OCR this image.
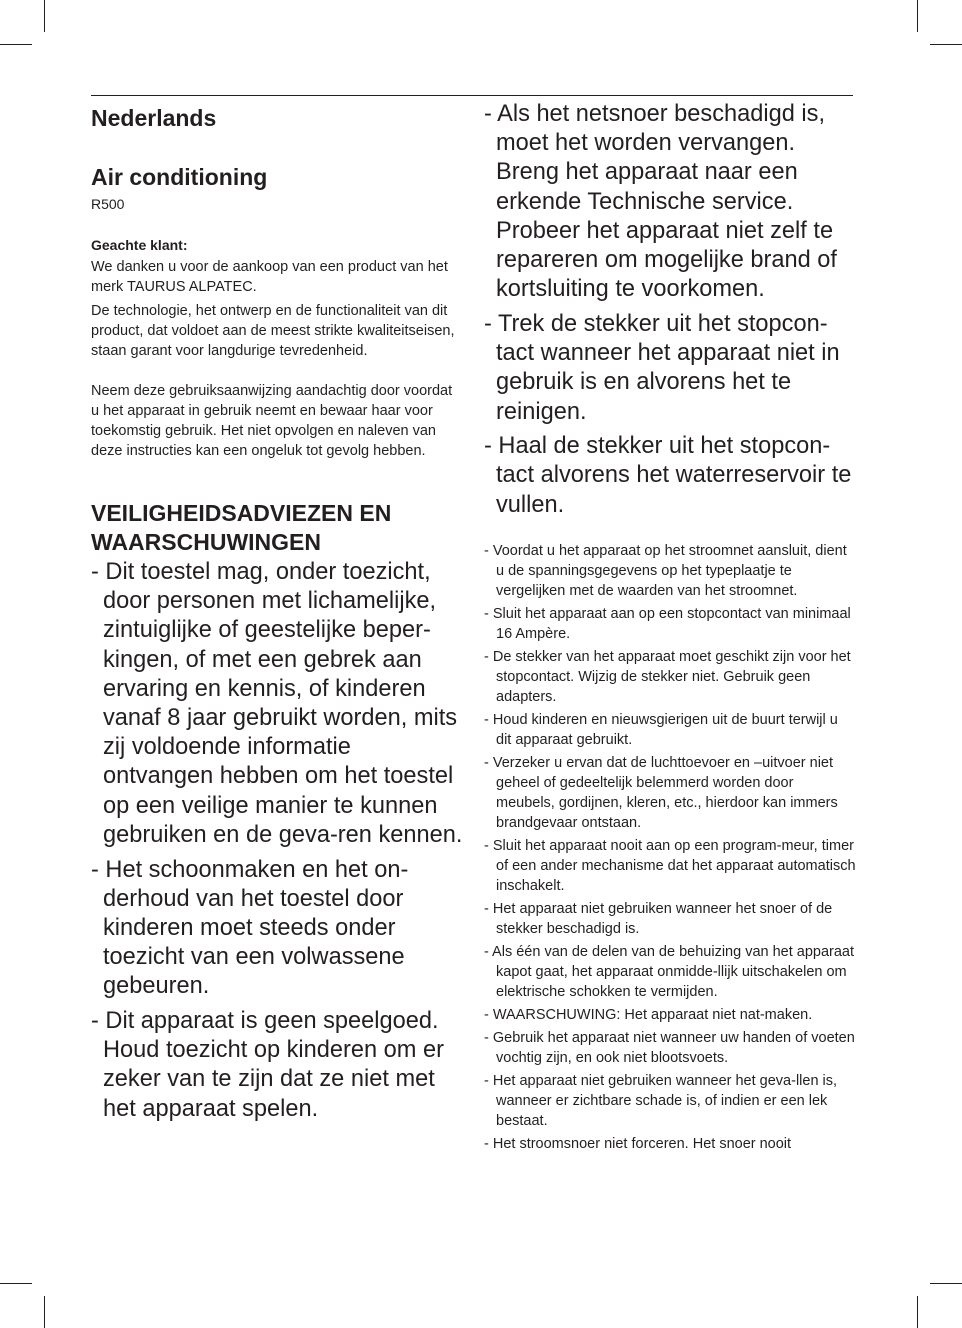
Nederlands
Air conditioning
R500
Geachte klant:

We danken u voor de aankoop van een product van het merk TAURUS ALPATEC.

De technologie, het ontwerp en de functionaliteit van dit product, dat voldoet aan de meest strikte kwaliteitseisen, staan garant voor langdurige tevredenheid.

Neem deze gebruiksaanwijzing aandachtig door voordat u het apparaat in gebruik neemt en bewaar haar voor toekomstig gebruik. Het niet opvolgen en naleven van deze instructies kan een ongeluk tot gevolg hebben.

VEILIGHEIDSADVIEZEN EN WAARSCHUWINGEN
- Dit toestel mag, onder toezicht, door personen met lichamelijke, zintuiglijke of geestelijke beper-kingen, of met een gebrek aan ervaring en kennis, of kinderen vanaf 8 jaar gebruikt worden, mits zij voldoende informatie ontvangen hebben om het toestel op een veilige manier te kunnen gebruiken en de geva-ren kennen.
- Het schoonmaken en het on-derhoud van het toestel door kinderen moet steeds onder toezicht van een volwassene gebeuren.
- Dit apparaat is geen speelgoed. Houd toezicht op kinderen om er zeker van te zijn dat ze niet met het apparaat spelen.
- Als het netsnoer beschadigd is, moet het worden vervangen. Breng het apparaat naar een erkende Technische service. Probeer het apparaat niet zelf te repareren om mogelijke brand of kortsluiting te voorkomen.
- Trek de stekker uit het stopcon-tact wanneer het apparaat niet in gebruik is en alvorens het te reinigen.
- Haal de stekker uit het stopcon-tact alvorens het waterreservoir te vullen.
- Voordat u het apparaat op het stroomnet aansluit, dient u de spanningsgegevens op het typeplaatje te vergelijken met de waarden van het stroomnet.
- Sluit het apparaat aan op een stopcontact van minimaal 16 Ampère.
- De stekker van het apparaat moet geschikt zijn voor het stopcontact. Wijzig de stekker niet. Gebruik geen adapters.
- Houd kinderen en nieuwsgierigen uit de buurt terwijl u dit apparaat gebruikt.
- Verzeker u ervan dat de luchttoevoer en –uitvoer niet geheel of gedeeltelijk belemmerd worden door meubels, gordijnen, kleren, etc., hierdoor kan immers brandgevaar ontstaan.
- Sluit het apparaat nooit aan op een program-meur, timer of een ander mechanisme dat het apparaat automatisch inschakelt.
- Het apparaat niet gebruiken wanneer het snoer of de stekker beschadigd is.
- Als één van de delen van de behuizing van het apparaat kapot gaat, het apparaat onmidde-llijk uitschakelen om elektrische schokken te vermijden.
- WAARSCHUWING: Het apparaat niet nat-maken.
- Gebruik het apparaat niet wanneer uw handen of voeten vochtig zijn, en ook niet blootsvoets.
- Het apparaat niet gebruiken wanneer het geva-llen is, wanneer er zichtbare schade is, of indien er een lek bestaat.
- Het stroomsnoer niet forceren. Het snoer nooit
